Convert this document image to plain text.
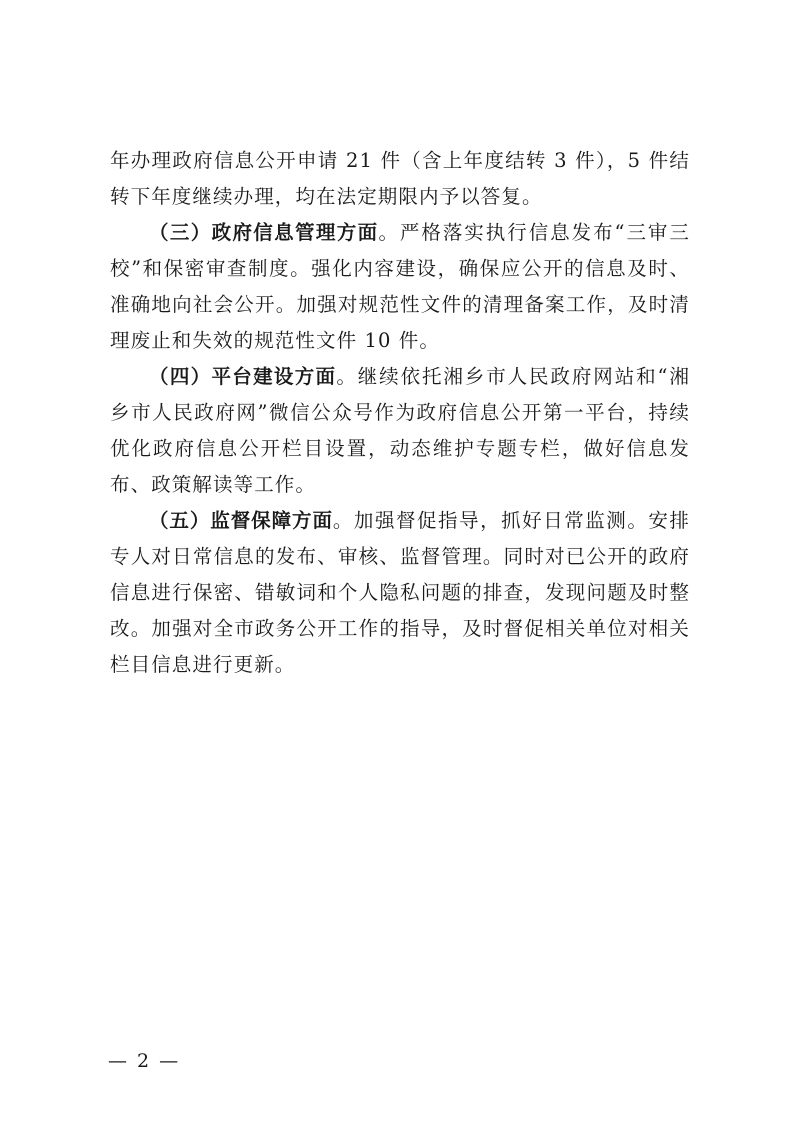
年办理政府信息公开申请 21 件（含上年度结转 3 件），5 件结转下年度继续办理，均在法定期限内予以答复。

（三）政府信息管理方面。严格落实执行信息发布“三审三校”和保密审查制度。强化内容建设，确保应公开的信息及时、准确地向社会公开。加强对规范性文件的清理备案工作，及时清理废止和失效的规范性文件 10 件。

（四）平台建设方面。继续依托湘乡市人民政府网站和“湘乡市人民政府网”微信公众号作为政府信息公开第一平台，持续优化政府信息公开栏目设置，动态维护专题专栏，做好信息发布、政策解读等工作。

（五）监督保障方面。加强督促指导，抓好日常监测。安排专人对日常信息的发布、审核、监督管理。同时对已公开的政府信息进行保密、错敏词和个人隐私问题的排查，发现问题及时整改。加强对全市政务公开工作的指导，及时督促相关单位对相关栏目信息进行更新。

— 2 —
